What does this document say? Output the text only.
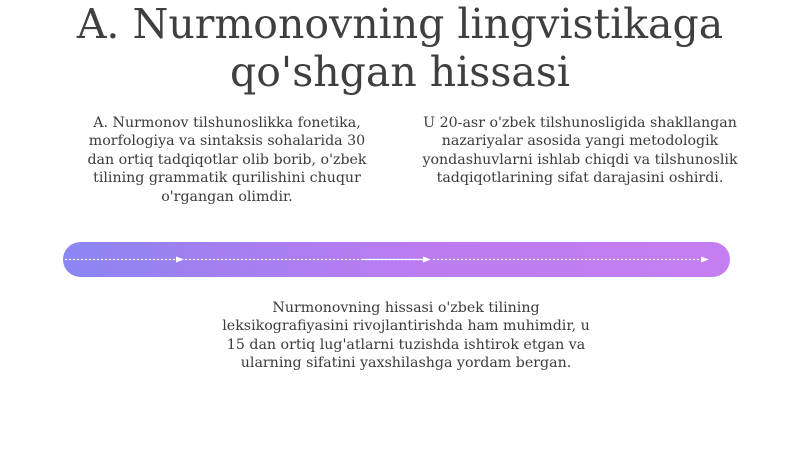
A. Nurmonovning lingvistikaga
qo'shgan hissasi

A. Nurmonov tilshunoslikka fonetika, morfologiya va sintaksis sohalarida 30 dan ortiq tadqiqotlar olib borib, o'zbek tilining grammatik qurilishini chuqur o'rgangan olimdir.

U 20-asr o'zbek tilshunosligida shakllangan nazariyalar asosida yangi metodologik yondashuvlarni ishlab chiqdi va tilshunoslik tadqiqotlarining sifat darajasini oshirdi.

Nurmonovning hissasi o'zbek tilining leksikografiyasini rivojlantirishda ham muhimdir, u 15 dan ortiq lug'atlarni tuzishda ishtirok etgan va ularning sifatini yaxshilashga yordam bergan.
